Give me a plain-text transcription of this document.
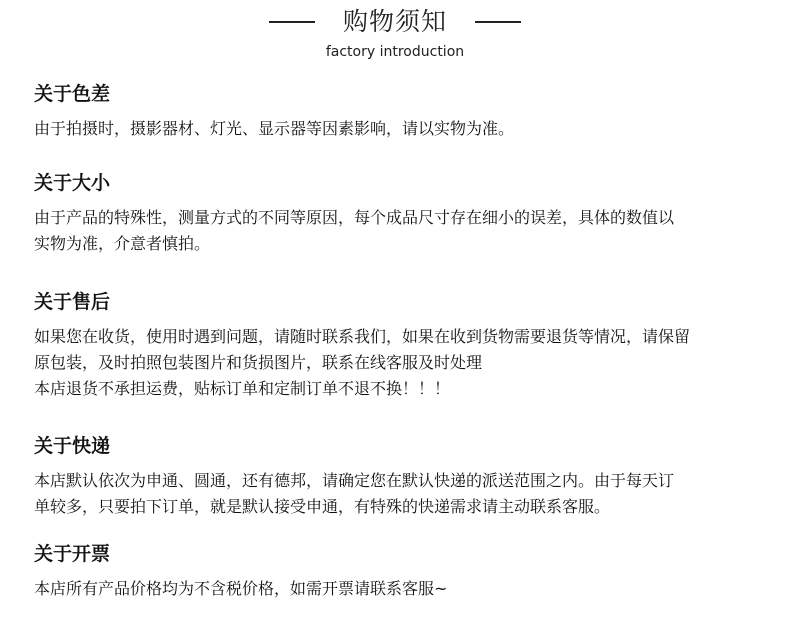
购物须知
factory introduction
关于色差
由于拍摄时，摄影器材、灯光、显示器等因素影响，请以实物为准。
关于大小
由于产品的特殊性，测量方式的不同等原因，每个成品尺寸存在细小的误差，具体的数值以
实物为准，介意者慎拍。
关于售后
如果您在收货，使用时遇到问题，请随时联系我们，如果在收到货物需要退货等情况，请保留
原包装，及时拍照包装图片和货损图片，联系在线客服及时处理
本店退货不承担运费，贴标订单和定制订单不退不换！！！
关于快递
本店默认依次为申通、圆通，还有德邦，请确定您在默认快递的派送范围之内。由于每天订
单较多，只要拍下订单，就是默认接受申通，有特殊的快递需求请主动联系客服。
关于开票
本店所有产品价格均为不含税价格，如需开票请联系客服~
